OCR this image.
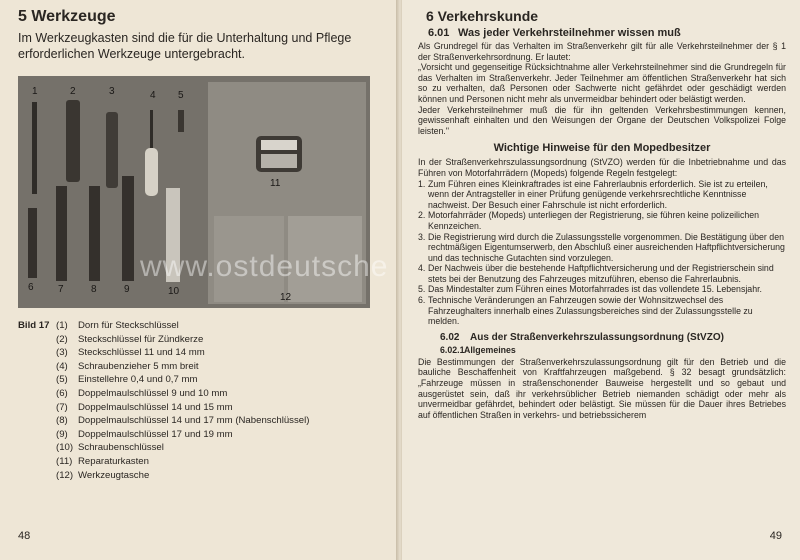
5 Werkzeuge

Im Werkzeugkasten sind die für die Unterhaltung und Pflege erforderlichen Werkzeuge untergebracht.

1	2	3	4 5
6 7	8	9	10
11
12
Bild 17 (1)	Dorn für Steckschlüssel
(2)	Steckschlüssel für Zündkerze
(3)	Steckschlüssel 11 und 14 mm
(4)	Schraubenzieher 5 mm breit
(5)	Einstellehre 0,4 und 0,7 mm
(6)	Doppelmaulschlüssel 9 und 10 mm
(7)	Doppelmaulschlüssel 14 und 15 mm
(8)	Doppelmaulschlüssel 14 und 17 mm (Nabenschlüssel)
(9)	Doppelmaulschlüssel 17 und 19 mm
(10) Schraubenschlüssel
(11) Reparaturkasten
(12) Werkzeugtasche
48
6 Verkehrskunde
6.01 Was jeder Verkehrsteilnehmer wissen muß

Als Grundregel für das Verhalten im Straßenverkehr gilt für alle Verkehrsteilnehmer der § 1 der Straßenverkehrsordnung. Er lautet:

„Vorsicht und gegenseitige Rücksichtnahme aller Verkehrsteilnehmer sind die Grundregeln für das Verhalten im Straßenverkehr. Jeder Teilnehmer am öffentlichen Straßenverkehr hat sich so zu verhalten, daß Personen oder Sachwerte nicht gefährdet oder geschädigt werden können und Personen nicht mehr als unvermeidbar behindert oder belästigt werden.

Jeder Verkehrsteilnehmer muß die für ihn geltenden Verkehrsbestimmungen kennen, gewissenhaft einhalten und den Weisungen der Organe der Deutschen Volkspolizei Folge leisten."

Wichtige Hinweise für den Mopedbesitzer

In der Straßenverkehrszulassungsordnung (StVZO) werden für die Inbetriebnahme und das Führen von Motorfahrrädern (Mopeds) folgende Regeln festgelegt:

1. Zum Führen eines Kleinkraftrades ist eine Fahrerlaubnis erforderlich. Sie ist zu erteilen, wenn der Antragsteller in einer Prüfung genügende verkehrsrechtliche Kenntnisse nachweist. Der Besuch einer Fahrschule ist nicht erforderlich.
2. Motorfahrräder (Mopeds) unterliegen der Registrierung, sie führen keine polizeilichen Kennzeichen.
3. Die Registrierung wird durch die Zulassungsstelle vorgenommen. Die Bestätigung über den rechtmäßigen Eigentumserwerb, den Abschluß einer ausreichenden Haftpflichtversicherung und das technische Gutachten sind vorzulegen.
4. Der Nachweis über die bestehende Haftpflichtversicherung und der Registrierschein sind stets bei der Benutzung des Fahrzeuges mitzuführen, ebenso die Fahrerlaubnis.
5. Das Mindestalter zum Führen eines Motorfahrrades ist das vollendete 15. Lebensjahr.
6. Technische Veränderungen an Fahrzeugen sowie der Wohnsitzwechsel des Fahrzeughalters innerhalb eines Zulassungsbereiches sind der Zulassungsstelle zu melden.
6.02	Aus der Straßenverkehrszulassungsordnung (StVZO)
6.02.1Allgemeines

Die Bestimmungen der Straßenverkehrszulassungsordnung gilt für den Betrieb und die bauliche Beschaffenheit von Kraftfahrzeugen maßgebend. § 32 besagt grundsätzlich: „Fahrzeuge müssen in straßenschonender Bauweise hergestellt und so gebaut und ausgerüstet sein, daß ihr verkehrsüblicher Betrieb niemanden schädigt oder mehr als unvermeidbar gefährdet, behindert oder belästigt. Sie müssen für die Dauer ihres Betriebes auf öffentlichen Straßen in verkehrs- und betriebssicherem

49
www.ostdeutsche
